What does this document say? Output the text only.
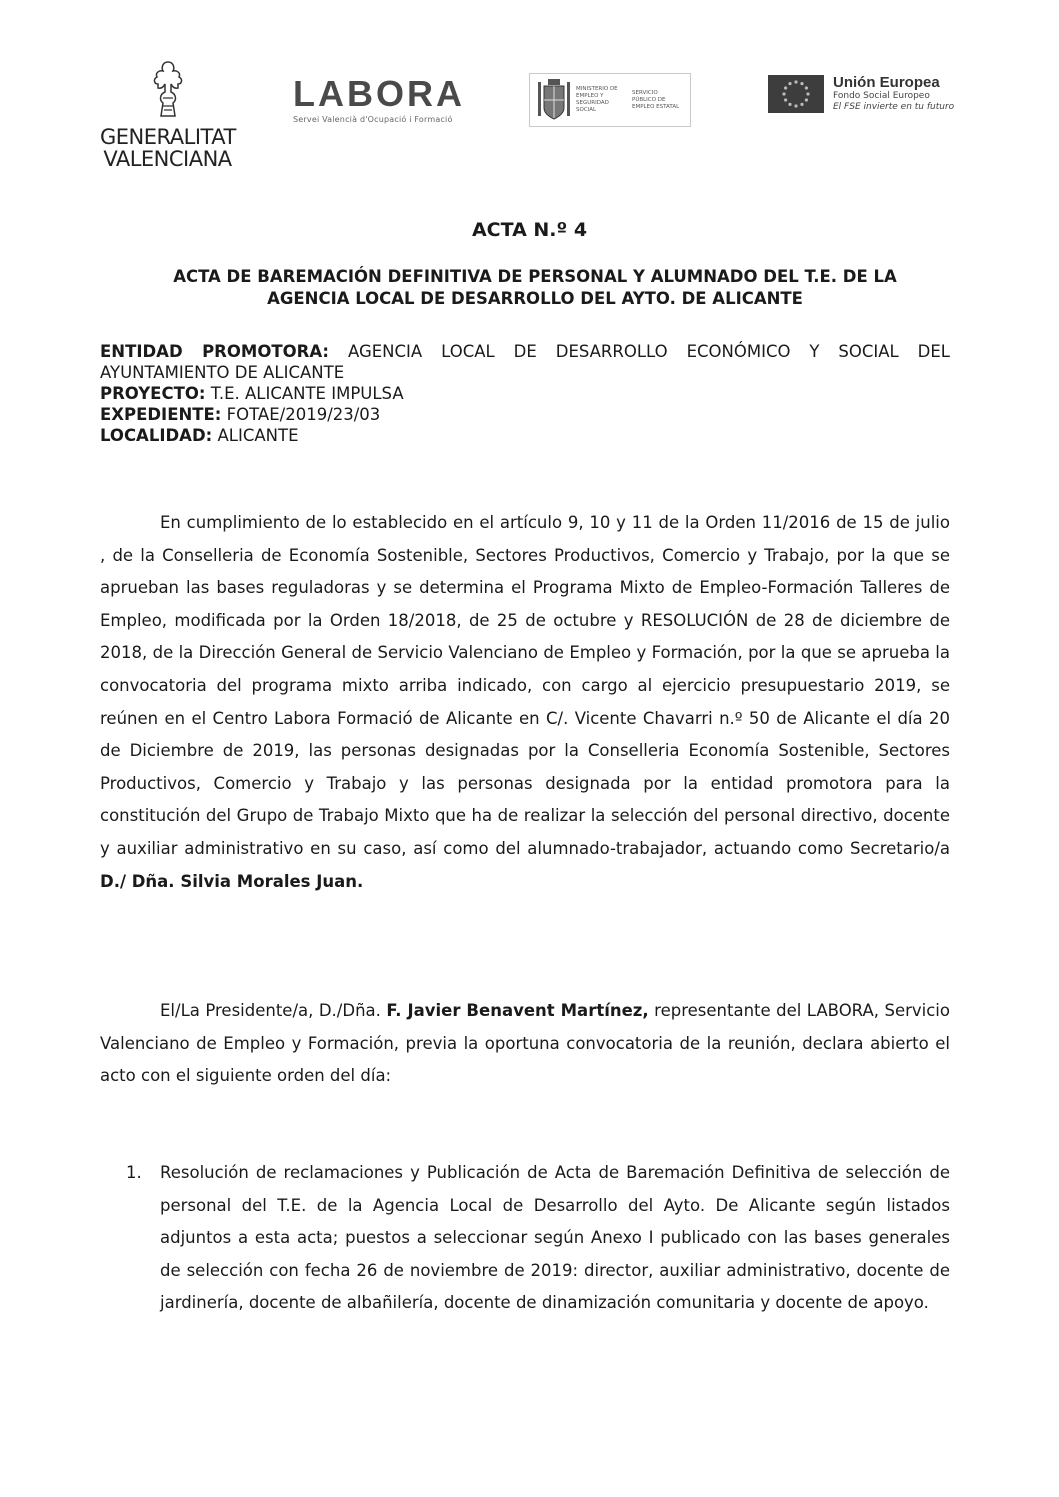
GENERALITAT
VALENCIANA
LABORA
Servei Valencià d'Ocupació i Formació
MINISTERIO DE EMPLEO Y SEGURIDAD SOCIAL
SERVICIO PÚBLICO DE EMPLEO ESTATAL
Unión Europea
Fondo Social Europeo
El FSE invierte en tu futuro
ACTA N.º 4
ACTA DE BAREMACIÓN DEFINITIVA DE PERSONAL Y ALUMNADO DEL T.E. DE LA
AGENCIA LOCAL DE DESARROLLO DEL AYTO. DE ALICANTE
ENTIDAD PROMOTORA: AGENCIA LOCAL DE DESARROLLO ECONÓMICO Y SOCIAL DEL
AYUNTAMIENTO DE ALICANTE
PROYECTO: T.E. ALICANTE IMPULSA
EXPEDIENTE: FOTAE/2019/23/03
LOCALIDAD: ALICANTE
En cumplimiento de lo establecido en el artículo 9, 10 y 11 de la Orden 11/2016 de 15 de julio , de la Conselleria de Economía Sostenible, Sectores Productivos, Comercio y Trabajo, por la que se aprueban las bases reguladoras y se determina el Programa Mixto de Empleo-Formación Talleres de Empleo, modificada por la Orden 18/2018, de 25 de octubre y RESOLUCIÓN de 28 de diciembre de 2018, de la Dirección General de Servicio Valenciano de Empleo y Formación, por la que se aprueba la convocatoria del programa mixto arriba indicado, con cargo al ejercicio presupuestario 2019, se reúnen en el Centro Labora Formació de Alicante en C/. Vicente Chavarri n.º 50 de Alicante el día 20 de Diciembre de 2019, las personas designadas por la Conselleria Economía Sostenible, Sectores Productivos, Comercio y Trabajo y las personas designada por la entidad promotora para la constitución del Grupo de Trabajo Mixto que ha de realizar la selección del personal directivo, docente y auxiliar administrativo en su caso, así como del alumnado-trabajador, actuando como Secretario/a D./ Dña. Silvia Morales Juan.
El/La Presidente/a, D./Dña. F. Javier Benavent Martínez, representante del LABORA, Servicio Valenciano de Empleo y Formación, previa la oportuna convocatoria de la reunión, declara abierto el acto con el siguiente orden del día:
1. Resolución de reclamaciones y Publicación de Acta de Baremación Definitiva de selección de personal del T.E. de la Agencia Local de Desarrollo del Ayto. De Alicante según listados adjuntos a esta acta; puestos a seleccionar según Anexo I publicado con las bases generales de selección con fecha 26 de noviembre de 2019: director, auxiliar administrativo, docente de jardinería, docente de albañilería, docente de dinamización comunitaria y docente de apoyo.
